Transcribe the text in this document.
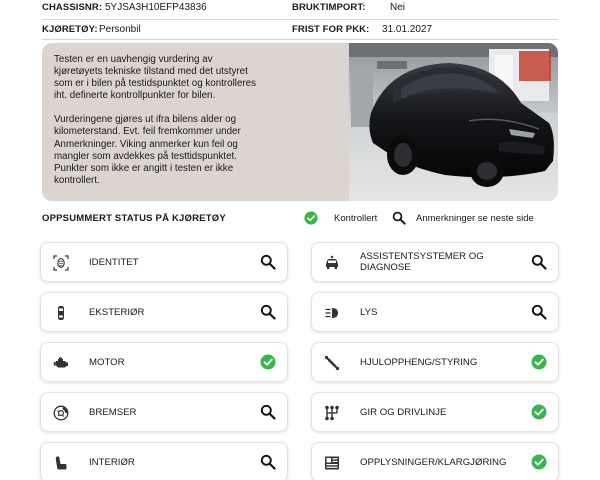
CHASSISNR: 5YJSA3H10EFP43836	BRUKTIMPORT: Nei
KJØRETØY: Personbil	FRIST FOR PKK: 31.01.2027

Testen er en uavhengig vurdering av kjøretøyets tekniske tilstand med det utstyret som er i bilen på testidspunktet og kontrolleres iht. definerte kontrollpunkter for bilen.

Vurderingene gjøres ut ifra bilens alder og kilometerstand. Evt. feil fremkommer under Anmerkninger. Viking anmerker kun feil og mangler som avdekkes på testtidspunktet. Punkter som ikke er angitt i testen er ikke kontrollert.

OPPSUMMERT STATUS PÅ KJØRETØY	Kontrollert	Anmerkninger se neste side
IDENTITET	ASSISTENTSYSTEMER OG DIAGNOSE
EKSTERIØR	LYS
MOTOR	HJULOPPHENG/STYRING
BREMSER	GIR OG DRIVLINJE
INTERIØR	OPPLYSNINGER/KLARGJØRING
